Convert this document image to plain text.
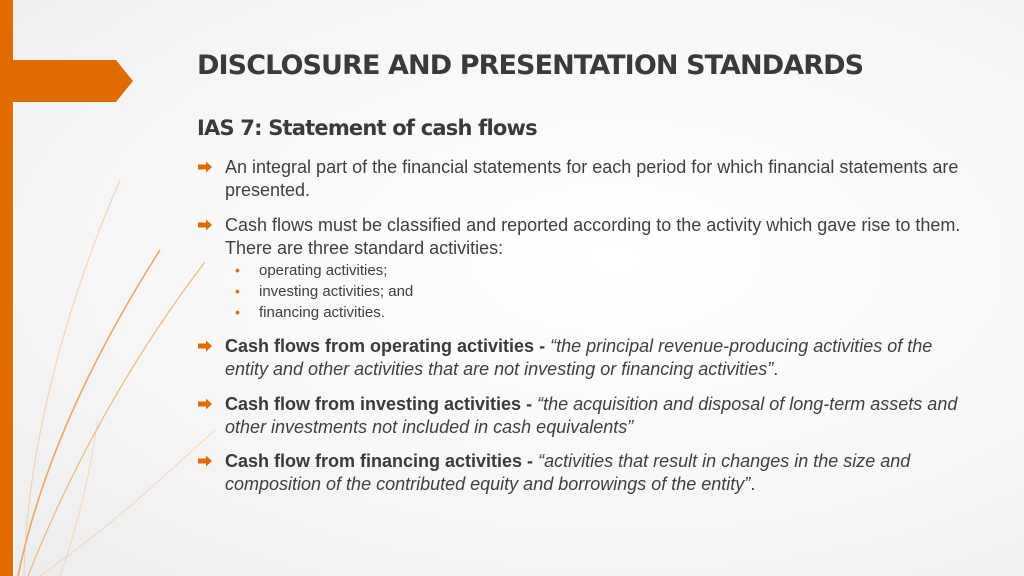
DISCLOSURE AND PRESENTATION STANDARDS
IAS 7: Statement of cash flows
An integral part of the financial statements for each period for which financial statements are presented.
Cash flows must be classified and reported according to the activity which gave rise to them. There are three standard activities:
• operating activities;
• investing activities; and
• financing activities.
Cash flows from operating activities - “the principal revenue-producing activities of the entity and other activities that are not investing or financing activities”.
Cash flow from investing activities - “the acquisition and disposal of long-term assets and other investments not included in cash equivalents”
Cash flow from financing activities - “activities that result in changes in the size and composition of the contributed equity and borrowings of the entity”.
